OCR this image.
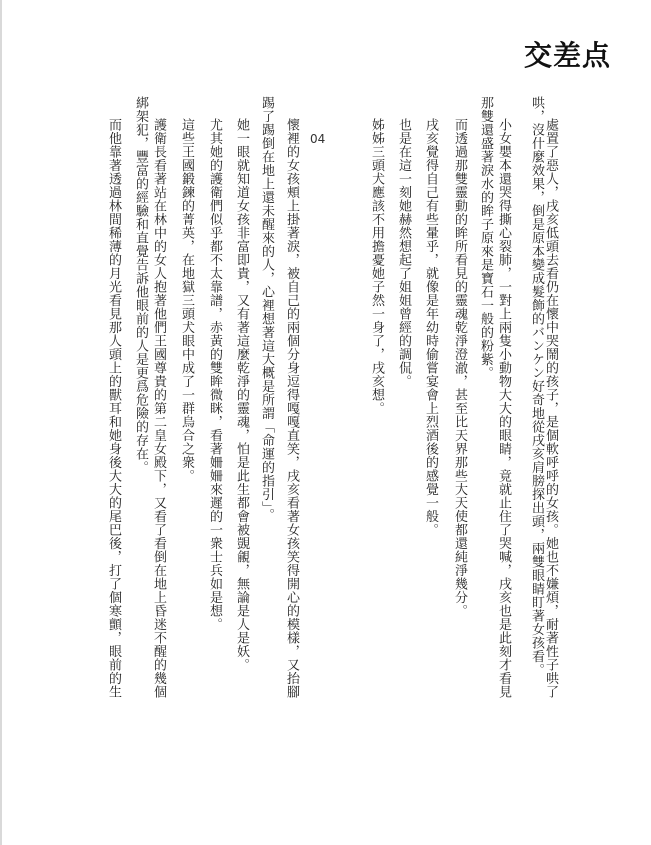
交差点
哄，沒什麼效果，倒是原本變成髮飾的バンケン好奇地從戌亥肩膀探出頭，兩雙眼睛盯著女孩看。 處置了惡人，戌亥低頭去看仍在懷中哭鬧的孩子，是個軟呼呼的女孩。她也不嫌煩，耐著性子哄了
小女嬰本還哭得撕心裂肺，一對上兩隻小動物大大的眼睛，竟就止住了哭喊，戌亥也是此刻才看見
那雙還盛著淚水的眸子原來是寶石一般的粉紫。
而透過那雙靈動的眸所看見的靈魂乾淨澄澈，甚至比天界那些大天使都還純淨幾分。
戌亥覺得自己有些暈乎，就像是年幼時偷嘗宴會上烈酒後的感覺一般。
也是在這一刻她赫然想起了姐姐曾經的調侃。
姊姊三頭犬應該不用擔憂她子然一身了，戌亥想。
04
懷裡的女孩頰上掛著淚，被自己的兩個分身逗得嘎嘎直笑，戌亥看著女孩笑得開心的模樣，又抬腳
踢了踢倒在地上還未醒來的人，心裡想著這大概是所謂「命運的指引」。
她一眼就知道女孩非富即貴，又有著這麼乾淨的靈魂，怕是此生都會被覬覦，無論是人是妖。
尤其她的護衛們似乎都不太靠譜，赤黃的雙眸微眯，看著姍姍來遲的一衆士兵如是想。
這些王國鍛鍊的菁英，在地獄三頭犬眼中成了一群烏合之衆。
護衛長看著站在林中的女人抱著他們王國尊貴的第二皇女殿下，又看了看倒在地上昏迷不醒的幾個
綁架犯，豐富的經驗和直覺告訴他眼前的人是更爲危險的存在。
而他靠著透過林間稀薄的月光看見那人頭上的獸耳和她身後大大的尾巴後，打了個寒顫，眼前的生
